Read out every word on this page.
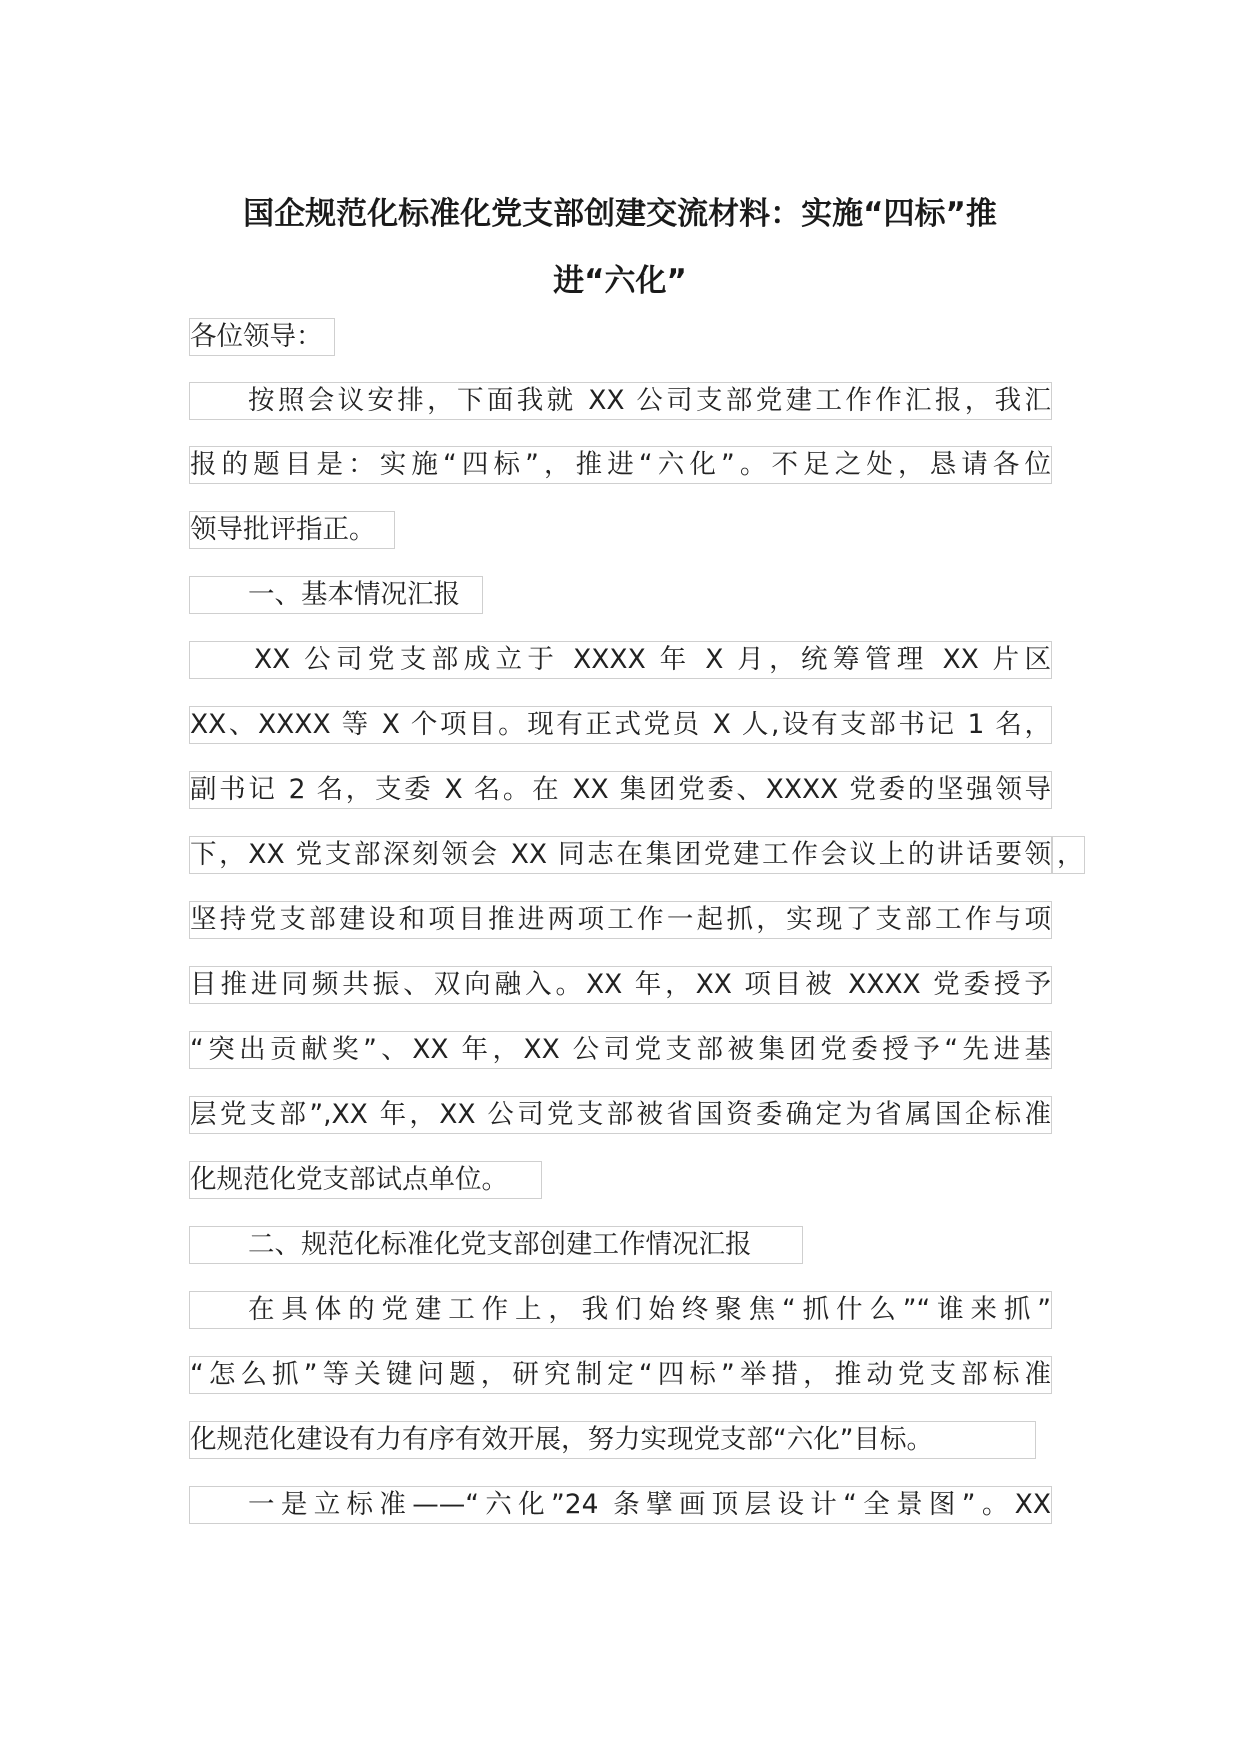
国企规范化标准化党支部创建交流材料：实施“四标”推
进“六化”
各位领导：
按照会议安排，下面我就 XX 公司支部党建工作作汇报，我汇
报的题目是：实施“四标”，推进“六化”。不足之处，恳请各位
领导批评指正。
一、基本情况汇报
XX 公司党支部成立于 XXXX 年 X 月，统筹管理 XX 片区
XX、XXXX 等 X 个项目。现有正式党员 X 人,设有支部书记 1 名，
副书记 2 名，支委 X 名。在 XX 集团党委、XXXX 党委的坚强领导
下，XX 党支部深刻领会 XX 同志在集团党建工作会议上的讲话要领 ，
坚持党支部建设和项目推进两项工作一起抓，实现了支部工作与项
目推进同频共振、双向融入。XX 年，XX 项目被 XXXX 党委授予
“突出贡献奖”、XX 年，XX 公司党支部被集团党委授予“先进基
层党支部”,XX 年，XX 公司党支部被省国资委确定为省属国企标准
化规范化党支部试点单位。
二、规范化标准化党支部创建工作情况汇报
在具体的党建工作上，我们始终聚焦“抓什么”“谁来抓”
“怎么抓”等关键问题，研究制定“四标”举措，推动党支部标准
化规范化建设有力有序有效开展，努力实现党支部“六化”目标。
一是立标准——“六化”24 条擘画顶层设计“全景图”。XX
